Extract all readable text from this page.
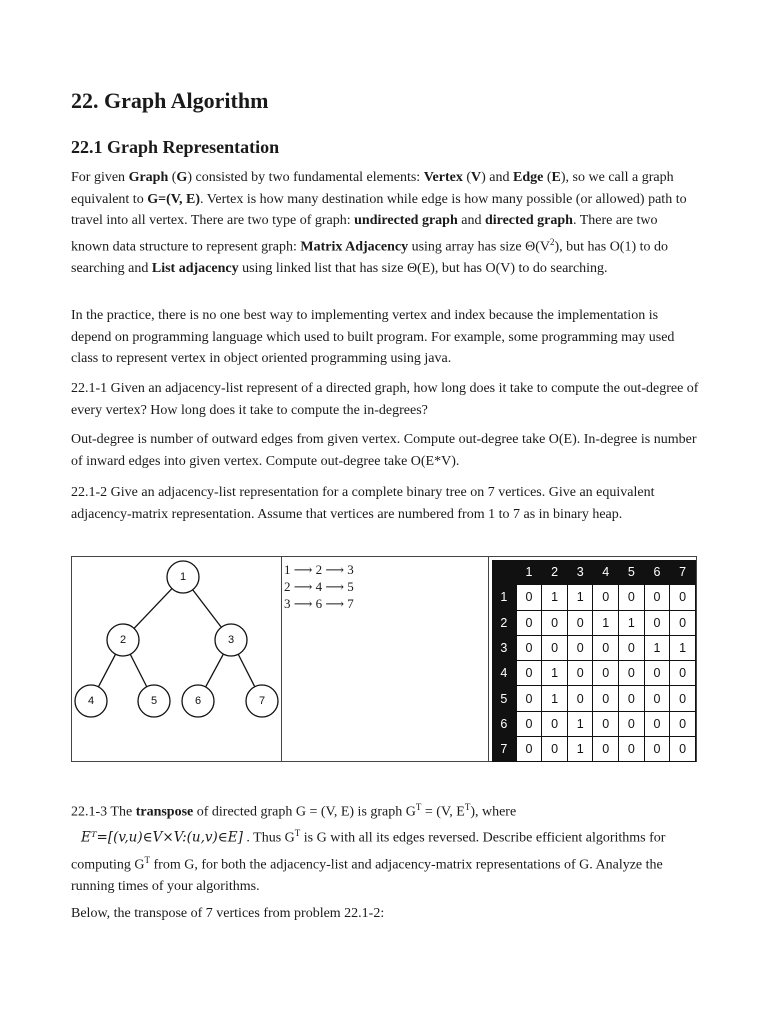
22. Graph Algorithm
22.1 Graph Representation

For given Graph (G) consisted by two fundamental elements: Vertex (V) and Edge (E), so we call a graph equivalent to G=(V, E). Vertex is how many destination while edge is how many possible (or allowed) path to travel into all vertex. There are two type of graph: undirected graph and directed graph. There are two known data structure to represent graph: Matrix Adjacency using array has size $\Theta(V^2)$, but has O(1) to do searching and List adjacency using linked list that has size Θ(E), but has O(V) to do searching.

In the practice, there is no one best way to implementing vertex and index because the implementation is depend on programming language which used to built program. For example, some programming may used class to represent vertex in object oriented programming using java.

22.1-1 Given an adjacency-list represent of a directed graph, how long does it take to compute the out-degree of every vertex? How long does it take to compute the in-degrees?

Out-degree is number of outward edges from given vertex. Compute out-degree take O(E). In-degree is number of inward edges into given vertex. Compute out-degree take O(E*V).

22.1-2 Give an adjacency-list representation for a complete binary tree on 7 vertices. Give an equivalent adjacency-matrix representation. Assume that vertices are numbered from 1 to 7 as in binary heap.

1
2	3
4	5	6	7
1 ⟶ 2 ⟶ 3
2 ⟶ 4 ⟶ 5
3 ⟶ 6 ⟶ 7
	1	2	3	4	5	6	7
1	0	1	1	0	0	0	0
2	0	0	0	1	1	0	0
3	0	0	0	0	0	1	1
4	0	1	0	0	0	0	0
5	0	1	0	0	0	0	0
6	0	0	1	0	0	0	0
7	0	0	1	0	0	0	0

22.1-3 The transpose of directed graph G = (V, E) is graph $G^T = (V$, $E^T$), where
Eᵀ=[(v,u)∈V×V:(u,v)∈E] . Thus $G^T$ is G with all its edges reversed. Describe efficient algorithms for computing $G^T$ from G, for both the adjacency-list and adjacency-matrix representations of G. Analyze the running times of your algorithms.

Below, the transpose of 7 vertices from problem 22.1-2:
